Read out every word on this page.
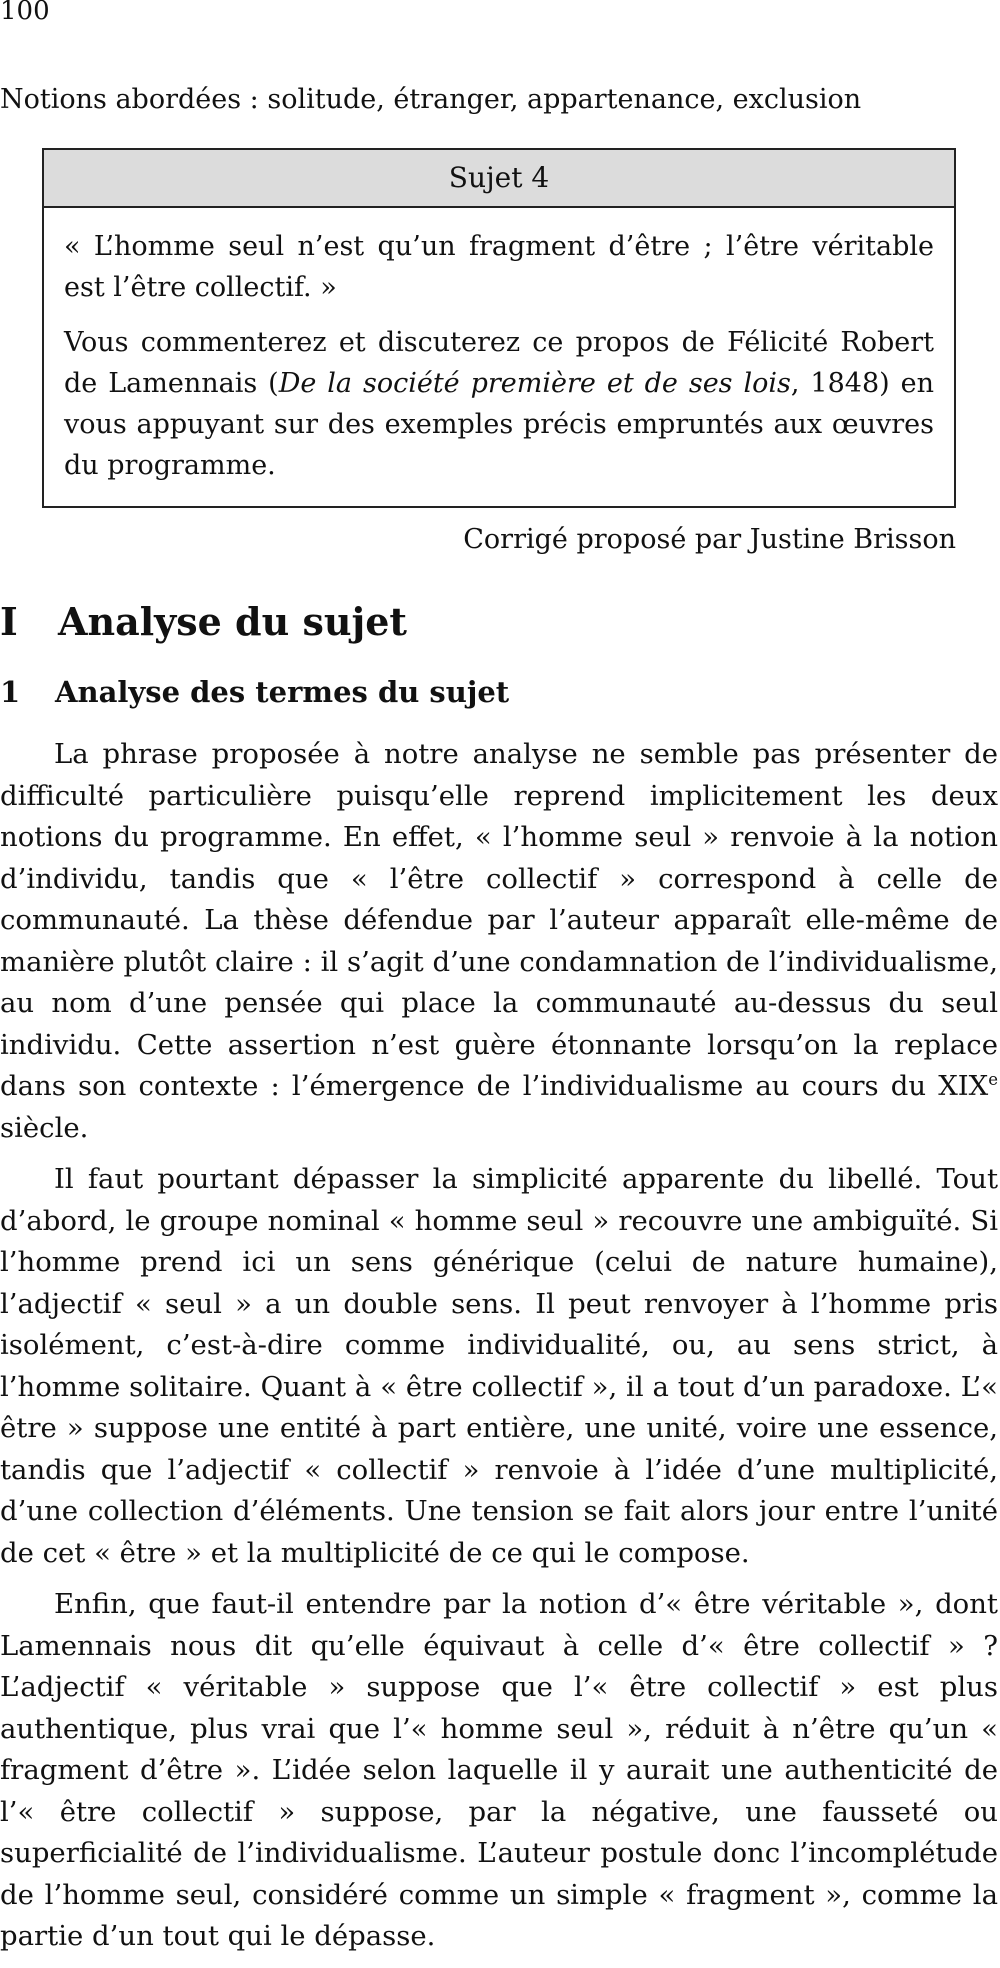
100
Notions abordées : solitude, étranger, appartenance, exclusion
Sujet 4

« L’homme seul n’est qu’un fragment d’être ; l’être véritable est l’être collectif. »

Vous commenterez et discuterez ce propos de Félicité Robert de Lamennais (De la société première et de ses lois, 1848) en vous appuyant sur des exemples précis empruntés aux œuvres du programme.

Corrigé proposé par Justine Brisson
I Analyse du sujet
1 Analyse des termes du sujet

La phrase proposée à notre analyse ne semble pas présenter de difficulté particulière puisqu’elle reprend implicitement les deux notions du programme. En effet, « l’homme seul » renvoie à la notion d’individu, tandis que « l’être collectif » correspond à celle de communauté. La thèse défendue par l’auteur apparaît elle-même de manière plutôt claire : il s’agit d’une condamnation de l’individualisme, au nom d’une pensée qui place la communauté au-dessus du seul individu. Cette assertion n’est guère étonnante lorsqu’on la replace dans son contexte : l’émergence de l’individualisme au cours du XIXe siècle.

Il faut pourtant dépasser la simplicité apparente du libellé. Tout d’abord, le groupe nominal « homme seul » recouvre une ambiguïté. Si l’homme prend ici un sens générique (celui de nature humaine), l’adjectif « seul » a un double sens. Il peut renvoyer à l’homme pris isolément, c’est-à-dire comme individualité, ou, au sens strict, à l’homme solitaire. Quant à « être collectif », il a tout d’un paradoxe. L’« être » suppose une entité à part entière, une unité, voire une essence, tandis que l’adjectif « collectif » renvoie à l’idée d’une multiplicité, d’une collection d’éléments. Une tension se fait alors jour entre l’unité de cet « être » et la multiplicité de ce qui le compose.

Enfin, que faut-il entendre par la notion d’« être véritable », dont Lamennais nous dit qu’elle équivaut à celle d’« être collectif » ? L’adjectif « véritable » suppose que l’« être collectif » est plus authentique, plus vrai que l’« homme seul », réduit à n’être qu’un « fragment d’être ». L’idée selon laquelle il y aurait une authenticité de l’« être collectif » suppose, par la négative, une fausseté ou superficialité de l’individualisme. L’auteur postule donc l’incomplétude de l’homme seul, considéré comme un simple « fragment », comme la partie d’un tout qui le dépasse.
